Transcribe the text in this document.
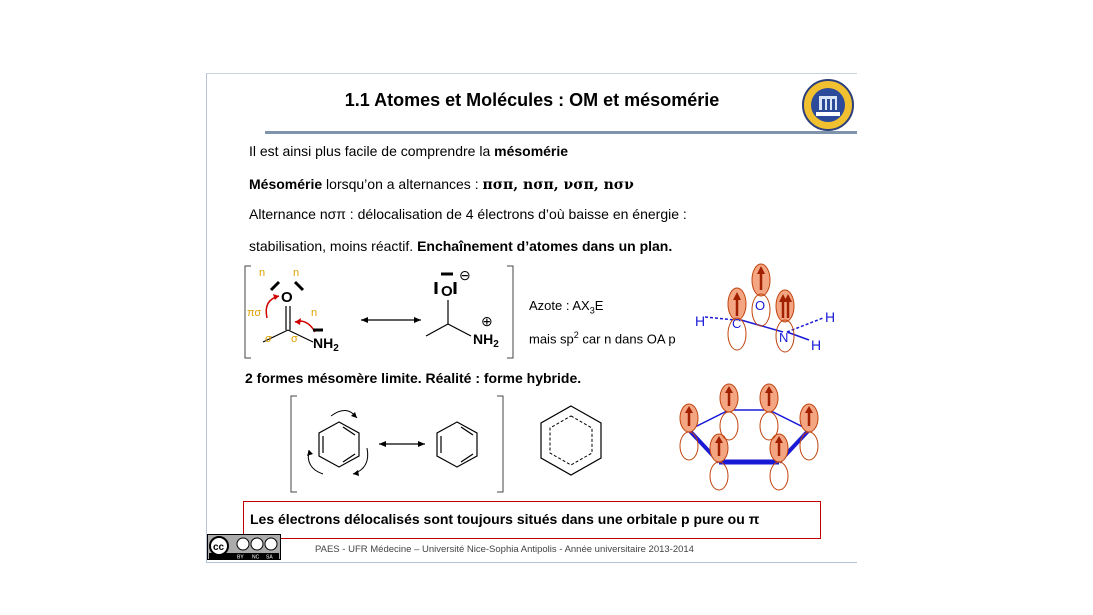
1.1 Atomes et Molécules : OM et mésomérie
Il est ainsi plus facile de comprendre la mésomérie
Mésomérie lorsqu’on a alternances : πσπ, nσπ, νσπ, nσν
Alternance nσπ : délocalisation de 4 électrons d’où baisse en énergie :
stabilisation, moins réactif. Enchaînement d’atomes dans un plan.
n	n
O
πσ	n
σ σ $NH_2$
O
⊖
⊕
$NH_2$
Azote : $AX_3E$
mais $sp^2$ car n dans OA p
H C
O
N
H
H
2 formes mésomère limite. Réalité : forme hybride.
Les électrons délocalisés sont toujours situés dans une orbitale p pure ou π
cc
BY NC SA
PAES - UFR Médecine – Université Nice-Sophia Antipolis - Année universitaire 2013-2014
